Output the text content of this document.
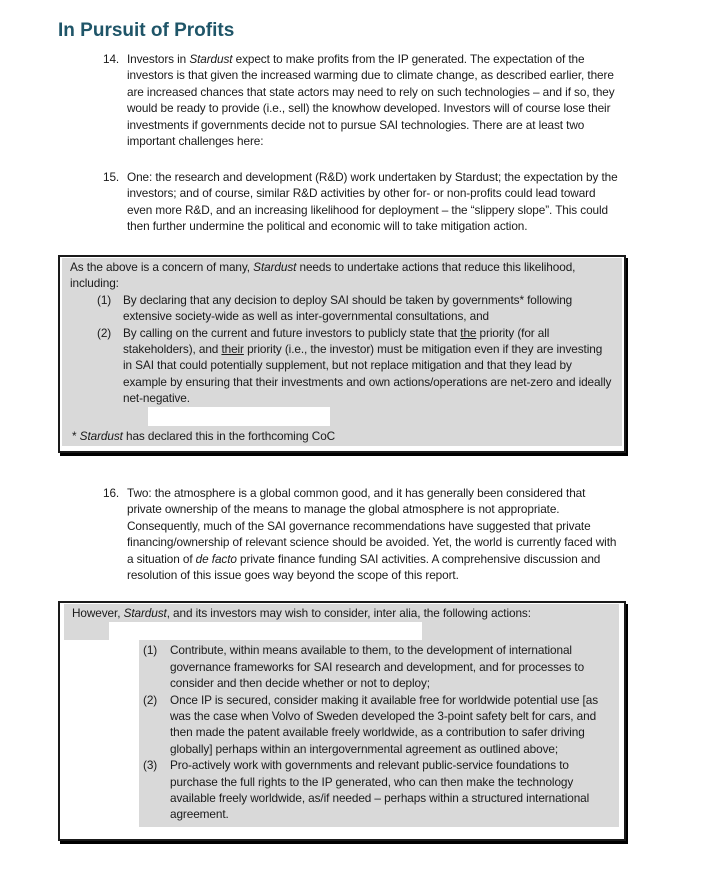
In Pursuit of Profits
14. Investors in Stardust expect to make profits from the IP generated. The expectation of the investors is that given the increased warming due to climate change, as described earlier, there are increased chances that state actors may need to rely on such technologies – and if so, they would be ready to provide (i.e., sell) the knowhow developed. Investors will of course lose their investments if governments decide not to pursue SAI technologies. There are at least two important challenges here:
15. One: the research and development (R&D) work undertaken by Stardust; the expectation by the investors; and of course, similar R&D activities by other for- or non-profits could lead toward even more R&D, and an increasing likelihood for deployment – the “slippery slope”. This could then further undermine the political and economic will to take mitigation action.
As the above is a concern of many, Stardust needs to undertake actions that reduce this likelihood, including:
(1)	By declaring that any decision to deploy SAI should be taken by governments* following extensive society-wide as well as inter-governmental consultations, and
(2)	By calling on the current and future investors to publicly state that the priority (for all stakeholders), and their priority (i.e., the investor) must be mitigation even if they are investing in SAI that could potentially supplement, but not replace mitigation and that they lead by example by ensuring that their investments and own actions/operations are net-zero and ideally net-negative.
* Stardust has declared this in the forthcoming CoC
16. Two: the atmosphere is a global common good, and it has generally been considered that private ownership of the means to manage the global atmosphere is not appropriate. Consequently, much of the SAI governance recommendations have suggested that private financing/ownership of relevant science should be avoided. Yet, the world is currently faced with a situation of de facto private finance funding SAI activities. A comprehensive discussion and resolution of this issue goes way beyond the scope of this report.
However, Stardust, and its investors may wish to consider, inter alia, the following actions:
(1)	Contribute, within means available to them, to the development of international governance frameworks for SAI research and development, and for processes to consider and then decide whether or not to deploy;
(2)	Once IP is secured, consider making it available free for worldwide potential use [as was the case when Volvo of Sweden developed the 3-point safety belt for cars, and then made the patent available freely worldwide, as a contribution to safer driving globally] perhaps within an intergovernmental agreement as outlined above;
(3)	Pro-actively work with governments and relevant public-service foundations to purchase the full rights to the IP generated, who can then make the technology available freely worldwide, as/if needed – perhaps within a structured international agreement.
